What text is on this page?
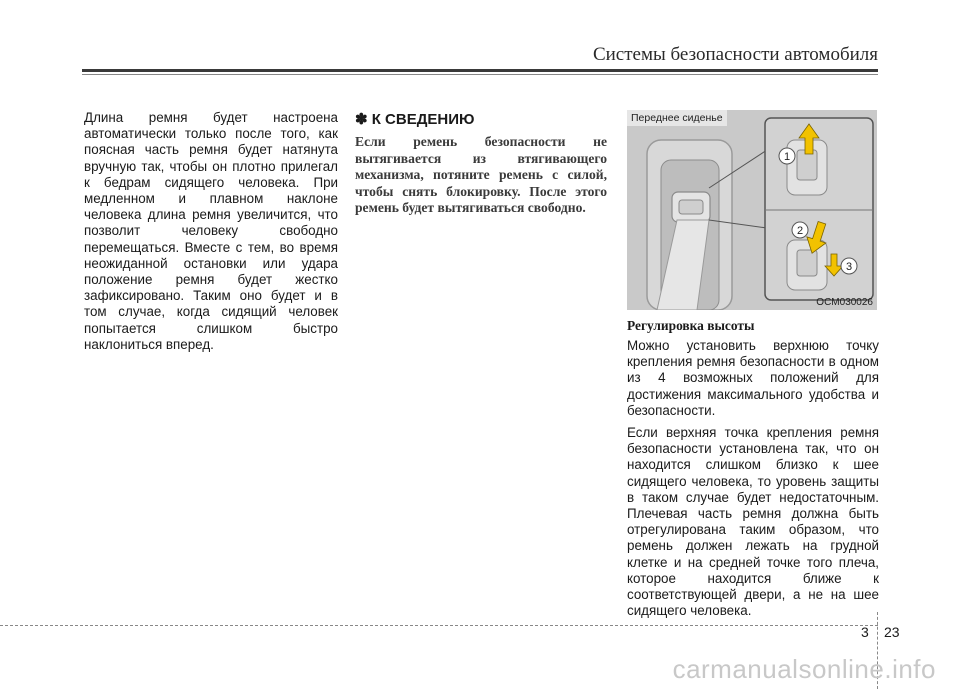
Системы безопасности автомобиля

Длина ремня будет настроена автоматически только после того, как поясная часть ремня будет натянута вручную так, чтобы он плотно прилегал к бедрам сидящего человека. При медленном и плавном наклоне человека длина ремня увеличится, что позволит человеку свободно перемещаться. Вместе с тем, во время неожиданной остановки или удара положение ремня будет жестко зафиксировано. Таким оно будет и в том случае, когда сидящий человек попытается слишком быстро наклониться вперед.

✽ К СВЕДЕНИЮ

Если ремень безопасности не вытягивается из втягивающего механизма, потяните ремень с силой, чтобы снять блокировку. После этого ремень будет вытягиваться свободно.

1
2
3
Переднее сиденье
OCM030026
Регулировка высоты

Можно установить верхнюю точку крепления ремня безопасности в одном из 4 возможных положений для достижения максимального удобства и безопасности.

Если верхняя точка крепления ремня безопасности установлена так, что он находится слишком близко к шее сидящего человека, то уровень защиты в таком случае будет недостаточным. Плечевая часть ремня должна быть отрегулирована таким образом, что ремень должен лежать на грудной клетке и на средней точке того плеча, которое находится ближе к соответствующей двери, а не на шее сидящего человека.

3 23
carmanualsonline.info
